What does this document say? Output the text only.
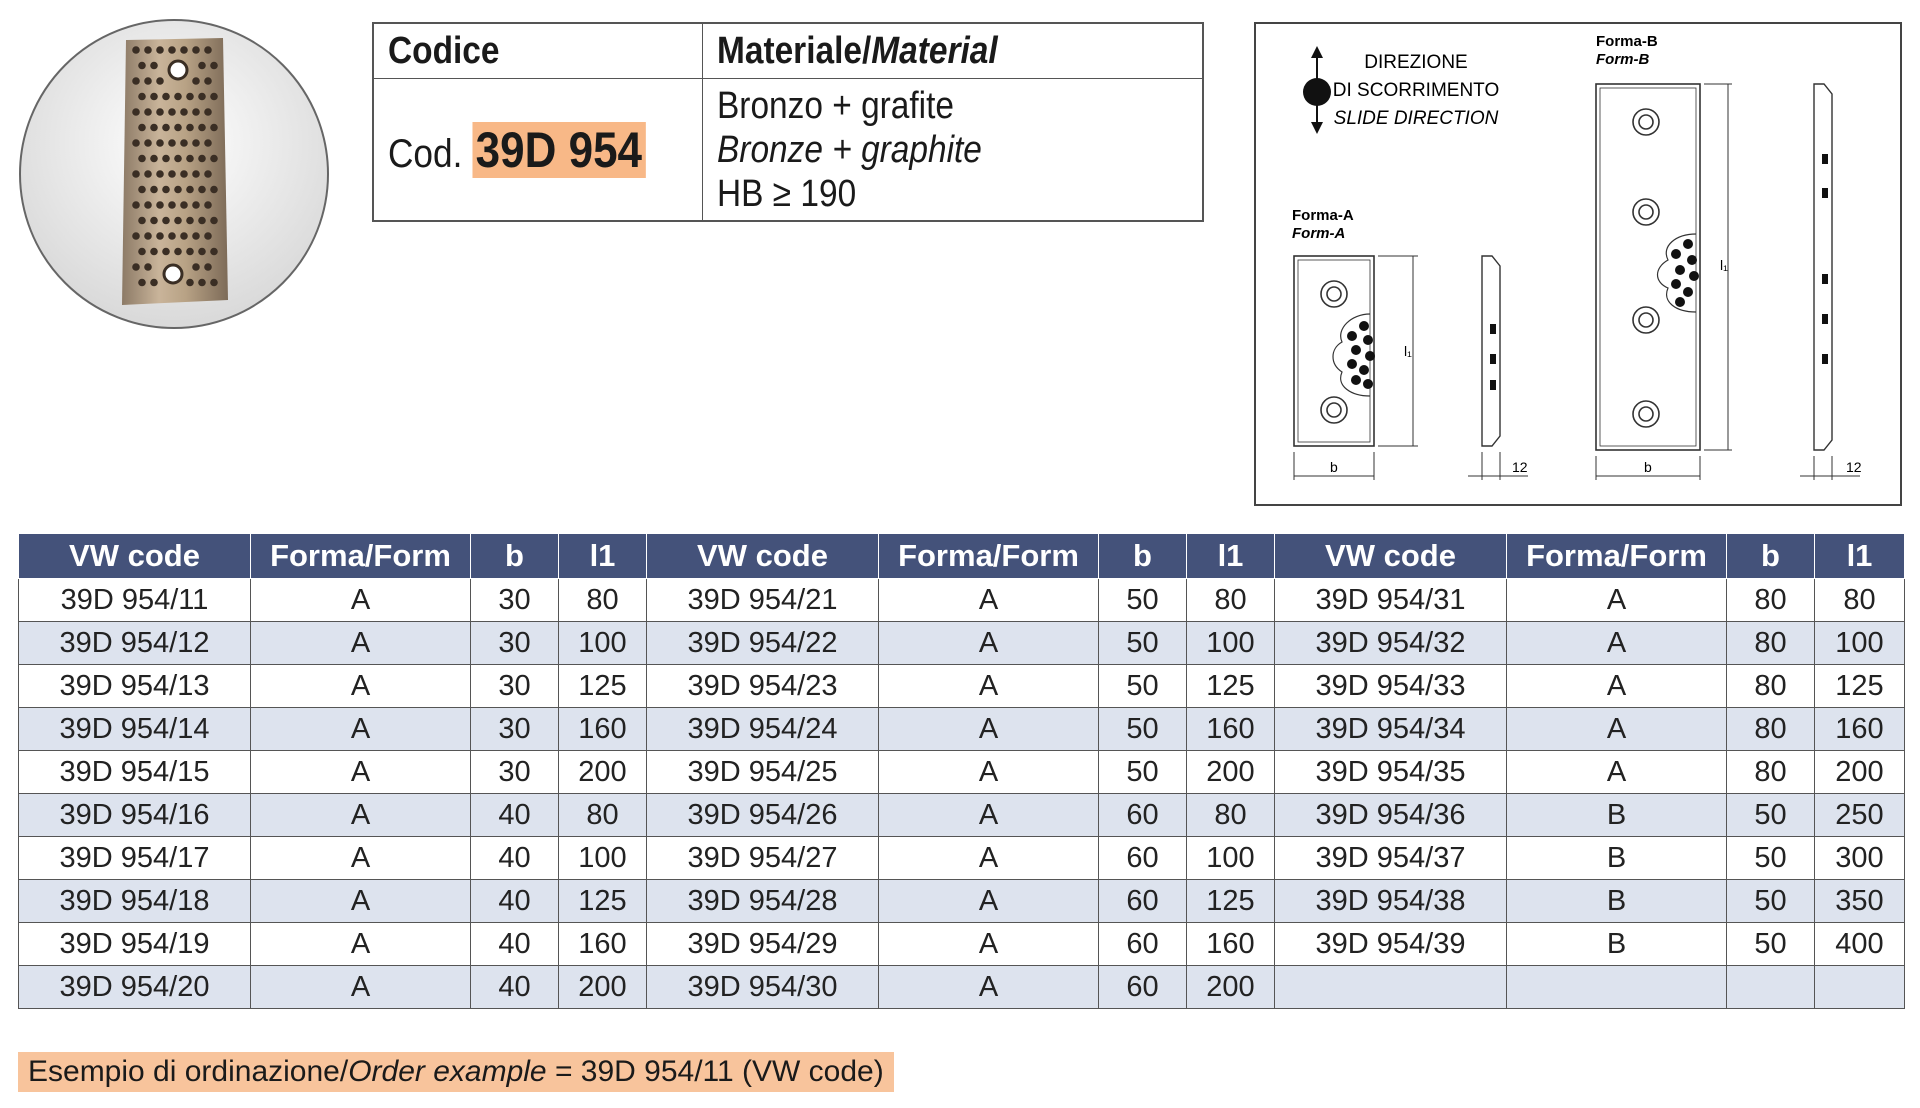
Codice	Materiale/Material
Cod. 39D 954	Bronzo + grafite
Bronze + graphite
HB ≥ 190
DIREZIONE
DI SCORRIMENTO
SLIDE DIRECTION
Forma-A
Form-A
l₁
b	12
Forma-B
Form-B
l₁
b	12
VW code	Forma/Form	b	l1	VW code	Forma/Form	b	l1	VW code	Forma/Form	b	l1
39D 954/11	A	30	80	39D 954/21	A	50	80	39D 954/31	A	80	80
39D 954/12	A	30	100	39D 954/22	A	50	100	39D 954/32	A	80	100
39D 954/13	A	30	125	39D 954/23	A	50	125	39D 954/33	A	80	125
39D 954/14	A	30	160	39D 954/24	A	50	160	39D 954/34	A	80	160
39D 954/15	A	30	200	39D 954/25	A	50	200	39D 954/35	A	80	200
39D 954/16	A	40	80	39D 954/26	A	60	80	39D 954/36	B	50	250
39D 954/17	A	40	100	39D 954/27	A	60	100	39D 954/37	B	50	300
39D 954/18	A	40	125	39D 954/28	A	60	125	39D 954/38	B	50	350
39D 954/19	A	40	160	39D 954/29	A	60	160	39D 954/39	B	50	400
39D 954/20	A	40	200	39D 954/30	A	60	200				
Esempio di ordinazione/Order example = 39D 954/11 (VW code)
